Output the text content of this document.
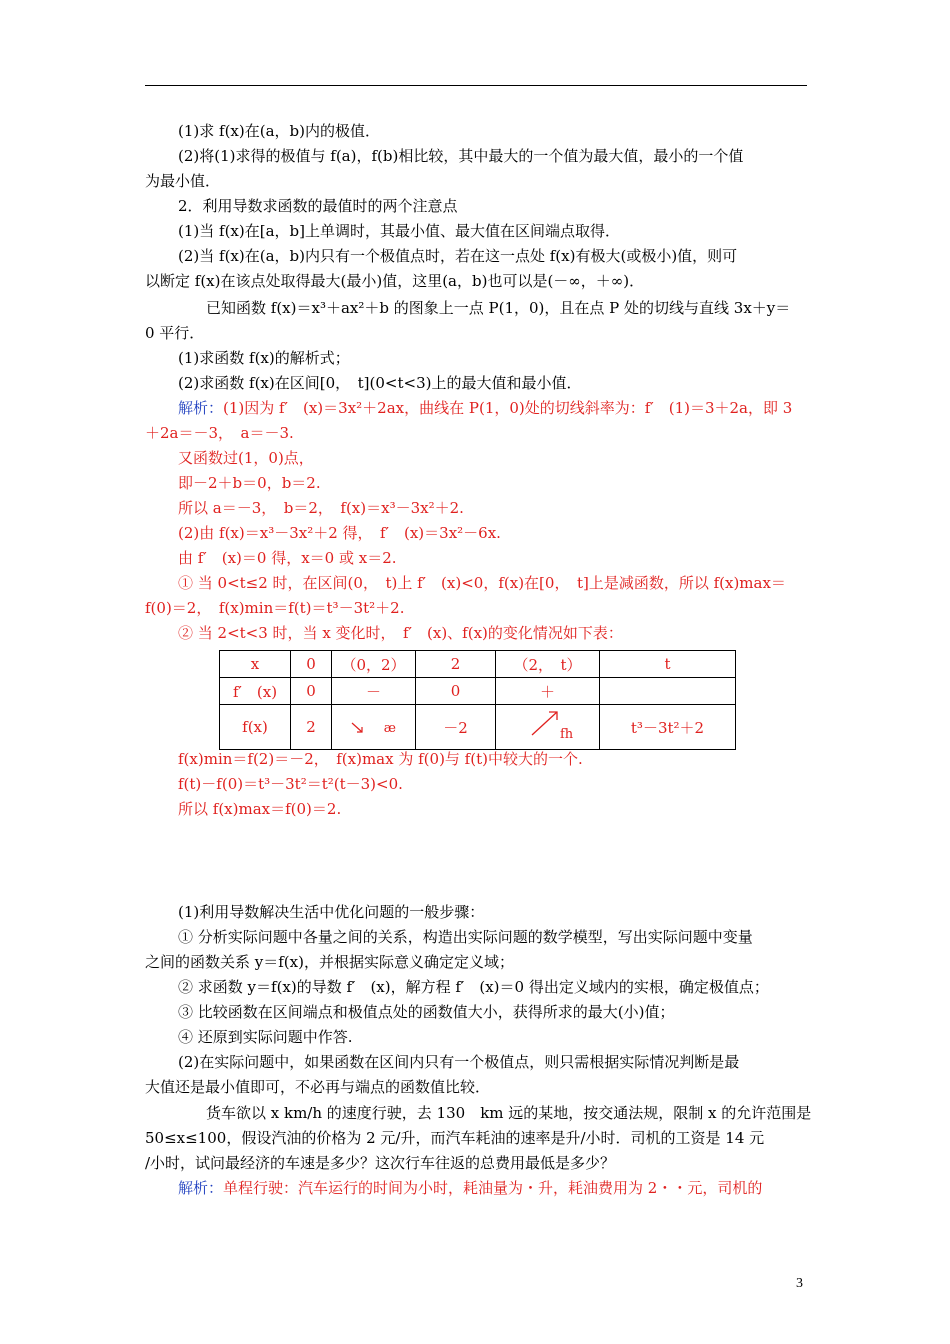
(1)求 f(x)在(a，b)内的极值．
(2)将(1)求得的极值与 f(a)，f(b)相比较，其中最大的一个值为最大值，最小的一个值
为最小值．
2．利用导数求函数的最值时的两个注意点
(1)当 f(x)在[a，b]上单调时，其最小值、最大值在区间端点取得．
(2)当 f(x)在(a，b)内只有一个极值点时，若在这一点处 f(x)有极大(或极小)值，则可
以断定 f(x)在该点处取得最大(最小)值，这里(a，b)也可以是(－∞，＋∞)．
已知函数 f(x)＝x³＋ax²＋b 的图象上一点 P(1，0)，且在点 P 处的切线与直线 3x＋y＝
0 平行．
(1)求函数 f(x)的解析式；
(2)求函数 f(x)在区间[0，　t](0<t<3)上的最大值和最小值．
解析：(1)因为 f′　(x)＝3x²＋2ax，曲线在 P(1，0)处的切线斜率为：f′　(1)＝3＋2a，即 3
＋2a＝－3，　a＝－3.
又函数过(1，0)点，
即－2＋b＝0，b＝2.
所以 a＝－3，　b＝2，　f(x)＝x³－3x²＋2.
(2)由 f(x)＝x³－3x²＋2 得，　f′　(x)＝3x²－6x.
由 f′　(x)＝0 得，x＝0 或 x＝2.
① 当 0<t≤2 时，在区间(0，　t)上 f′　(x)<0，f(x)在[0，　t]上是减函数，所以 f(x)max＝
f(0)＝2，　f(x)min＝f(t)＝t³－3t²＋2.
② 当 2<t<3 时，当 x 变化时，　f′　(x)、f(x)的变化情况如下表：
x	0	（0，2）	2	（2，　t）	t
f′　(x)	0	－	0	＋	
f(x)	2	æ	－2	fh	t³－3t²＋2
f(x)min＝f(2)＝－2，　f(x)max 为 f(0)与 f(t)中较大的一个.
f(t)－f(0)＝t³－3t²＝t²(t－3)<0.
所以 f(x)max＝f(0)＝2.
(1)利用导数解决生活中优化问题的一般步骤：
① 分析实际问题中各量之间的关系，构造出实际问题的数学模型，写出实际问题中变量
之间的函数关系 y＝f(x)，并根据实际意义确定定义域；
② 求函数 y＝f(x)的导数 f′　(x)，解方程 f′　(x)＝0 得出定义域内的实根，确定极值点；
③ 比较函数在区间端点和极值点处的函数值大小，获得所求的最大(小)值；
④ 还原到实际问题中作答.
(2)在实际问题中，如果函数在区间内只有一个极值点，则只需根据实际情况判断是最
大值还是最小值即可，不必再与端点的函数值比较．
货车欲以 x km/h 的速度行驶，去 130　km 远的某地，按交通法规，限制 x 的允许范围是
50≤x≤100，假设汽油的价格为 2 元/升，而汽车耗油的速率是升/小时．司机的工资是 14 元
/小时，试问最经济的车速是多少？这次行车往返的总费用最低是多少？
解析：单程行驶：汽车运行的时间为小时，耗油量为・升，耗油费用为 2・・元，司机的
3
